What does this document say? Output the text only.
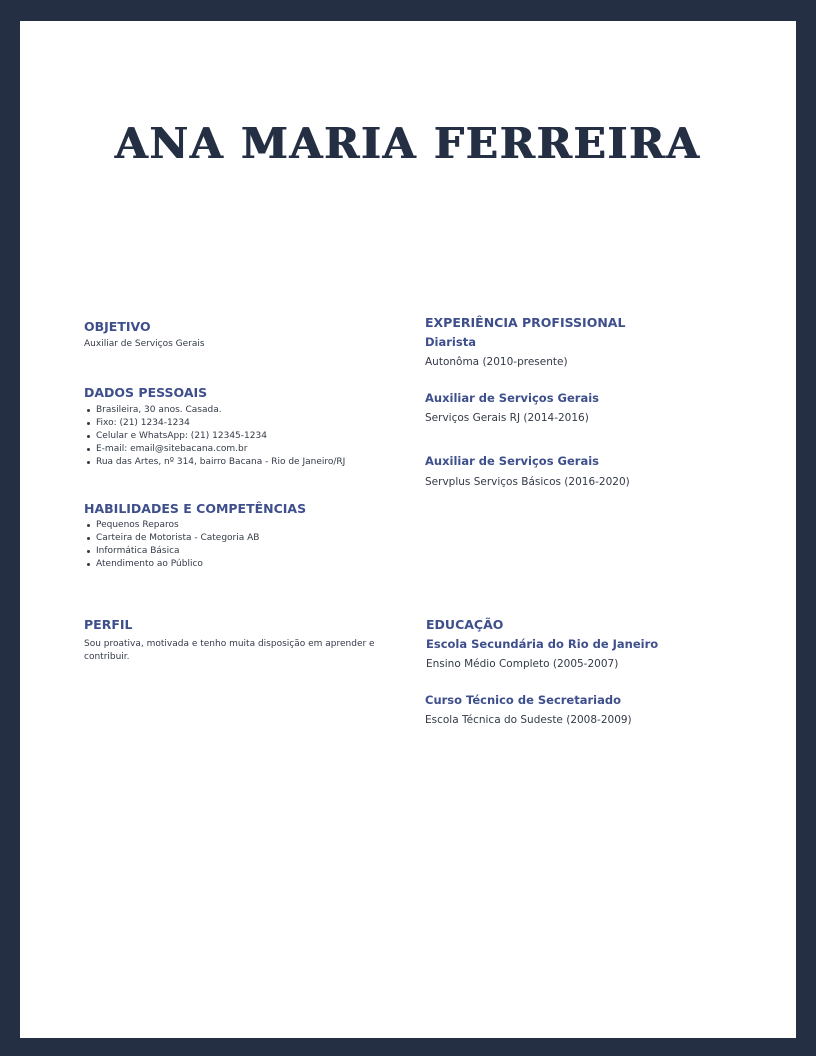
ANA MARIA FERREIRA
OBJETIVO

Auxiliar de Serviços Gerais

DADOS PESSOAIS
Brasileira, 30 anos. Casada.
Fixo: (21) 1234-1234
Celular e WhatsApp: (21) 12345-1234
E-mail: email@sitebacana.com.br
Rua das Artes, nº 314, bairro Bacana - Rio de Janeiro/RJ
HABILIDADES E COMPETÊNCIAS
Pequenos Reparos
Carteira de Motorista - Categoria AB
Informática Básica
Atendimento ao Público
PERFIL

Sou proativa, motivada e tenho muita disposição em aprender e contribuir.

EXPERIÊNCIA PROFISSIONAL
Diarista

Autonôma (2010-presente)

Auxiliar de Serviços Gerais

Serviços Gerais RJ (2014-2016)

Auxiliar de Serviços Gerais

Servplus Serviços Básicos (2016-2020)

EDUCAÇÃO
Escola Secundária do Rio de Janeiro

Ensino Médio Completo (2005-2007)

Curso Técnico de Secretariado

Escola Técnica do Sudeste (2008-2009)
